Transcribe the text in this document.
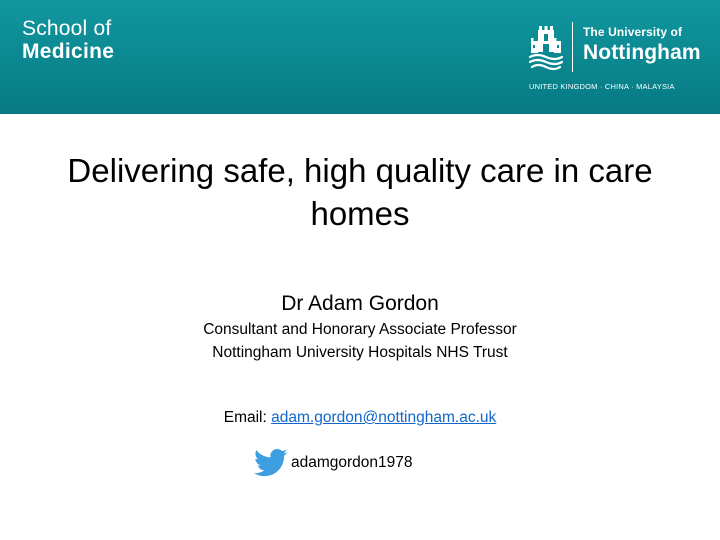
School of
Medicine
The University of
Nottingham
UNITED KINGDOM · CHINA · MALAYSIA
Delivering safe, high quality care in care homes
Dr Adam Gordon
Consultant and Honorary Associate Professor
Nottingham University Hospitals NHS Trust
Email: adam.gordon@nottingham.ac.uk
adamgordon1978
